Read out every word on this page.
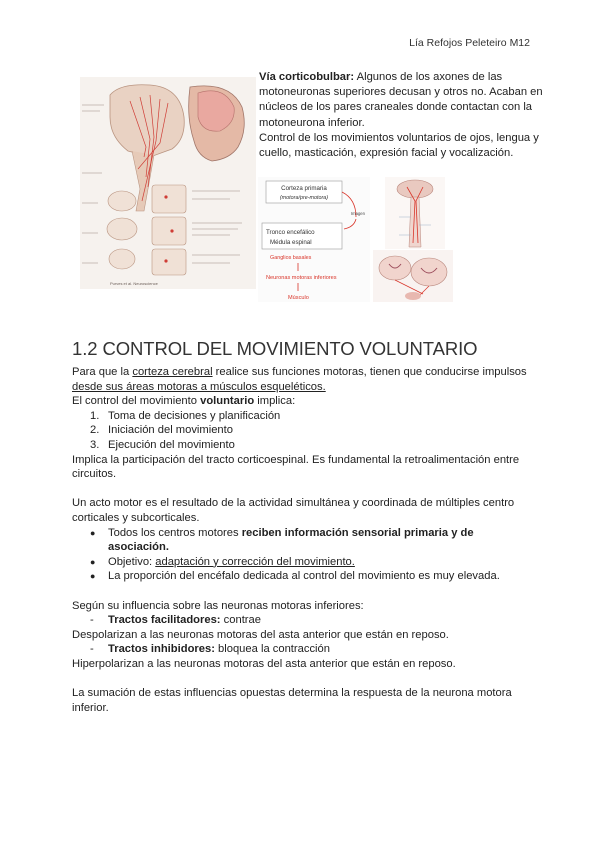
Lía Refojos Peleteiro M12
Purves et al. Neuroscience

Vía corticobulbar: Algunos de los axones de las motoneuronas superiores decusan y otros no. Acaban en núcleos de los pares craneales donde contactan con la motoneurona inferior.

Control de los movimientos voluntarios de ojos, lengua y cuello, masticación, expresión facial y vocalización.

Corteza primaria
(motora/pre-motora)
Imagen
Tronco encefálico
Médula espinal
Ganglios basales
Neuronas motoras inferiores
Músculo
1.2 CONTROL DEL MOVIMIENTO VOLUNTARIO

Para que la corteza cerebral realice sus funciones motoras, tienen que conducirse impulsos desde sus áreas motoras a músculos esqueléticos.

El control del movimiento voluntario implica:

1. Toma de decisiones y planificación
2. Iniciación del movimiento
3. Ejecución del movimiento

Implica la participación del tracto corticoespinal. Es fundamental la retroalimentación entre circuitos.

Un acto motor es el resultado de la actividad simultánea y coordinada de múltiples centro corticales y subcorticales.

● Todos los centros motores reciben información sensorial primaria y de asociación.
● Objetivo: adaptación y corrección del movimiento.
● La proporción del encéfalo dedicada al control del movimiento es muy elevada.

Según su influencia sobre las neuronas motoras inferiores:

- Tractos facilitadores: contrae

Despolarizan a las neuronas motoras del asta anterior que están en reposo.

- Tractos inhibidores: bloquea la contracción

Hiperpolarizan a las neuronas motoras del asta anterior que están en reposo.

La sumación de estas influencias opuestas determina la respuesta de la neurona motora inferior.
